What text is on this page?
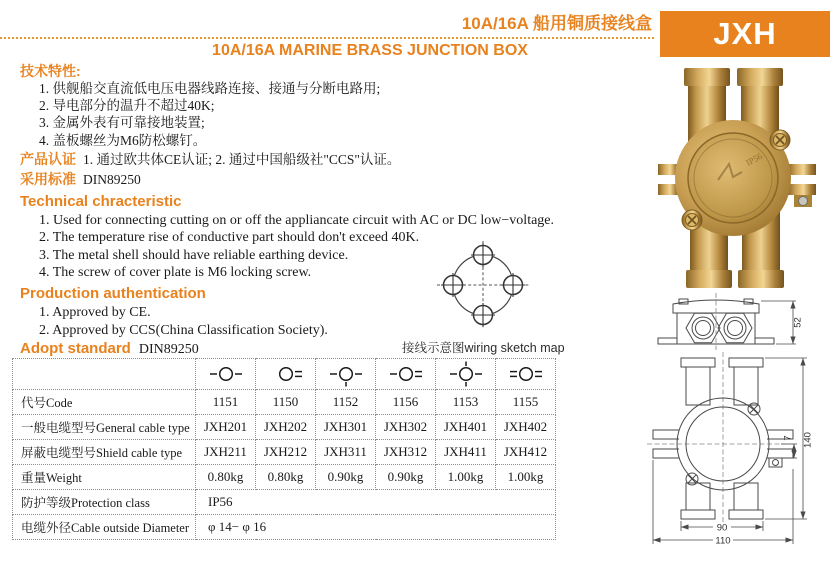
10A/16A 船用铜质接线盒
10A/16A MARINE BRASS JUNCTION BOX	JXH
技术特性:
1. 供舰船交直流低电压电器线路连接、接通与分断电路用;
2. 导电部分的温升不超过40K;
3. 金属外表有可靠接地装置;
4. 盖板螺丝为M6防松螺钉。
产品认证 1. 通过欧共体CE认证; 2. 通过中国船级社"CCS"认证。
采用标准 DIN89250
Technical chracteristic
1. Used for connecting cutting on or off the appliancate circuit with AC or DC low−voltage.
2. The temperature rise of conductive part should don't exceed 40K.
3. The metal shell should have reliable earthing device.
4. The screw of cover plate is M6 locking screw.
Production authentication
1. Approved by CE.
2. Approved by CCS(China Classification Society).
Adopt standard DIN89250	接线示意图wiring sketch map

代号Code	1151	1150	1152	1156	1153	1155
一般电缆型号General cable type	JXH201	JXH202	JXH301	JXH302	JXH401	JXH402
屏蔽电缆型号Shield cable type	JXH211	JXH212	JXH311	JXH312	JXH411	JXH412
重量Weight	0.80kg	0.80kg	0.90kg	0.90kg	1.00kg	1.00kg
防护等级Protection class	IP56					
电缆外径Cable outside Diameter	φ 14− φ 16					
IP56
52
7 140
90
110
